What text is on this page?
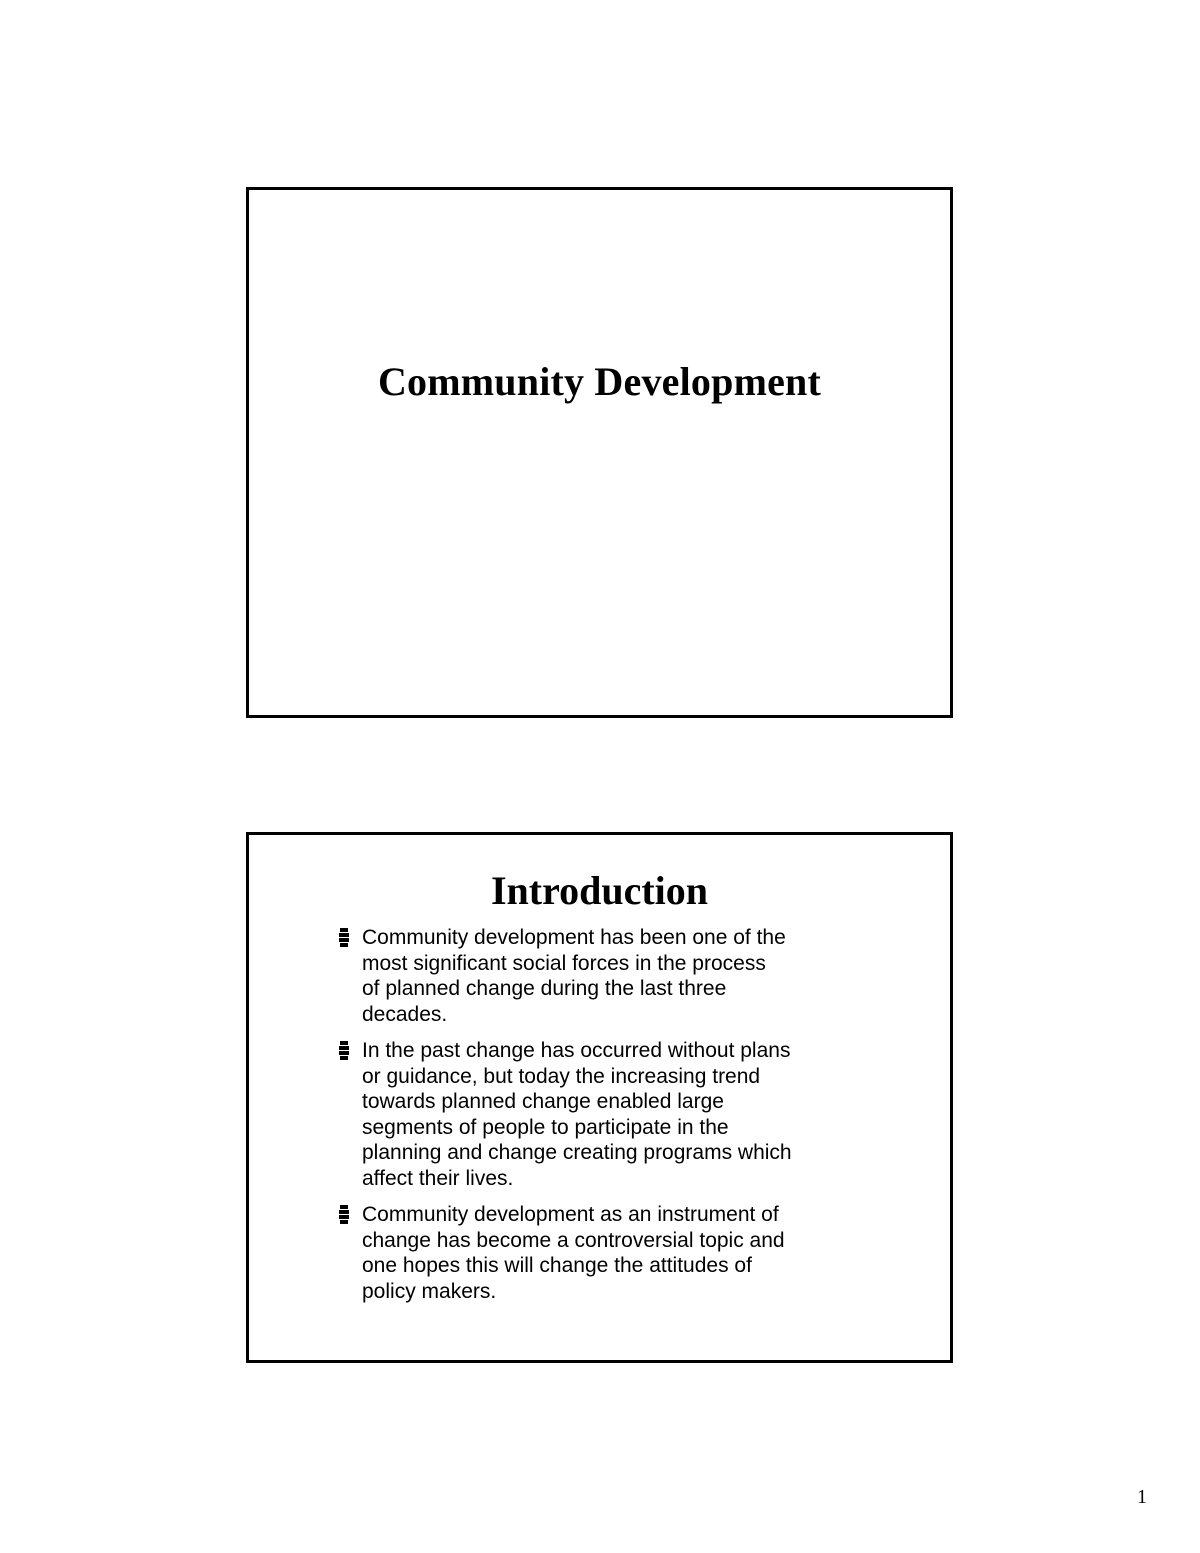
Community Development
Introduction
Community development has been one of the
most significant social forces in the process
of planned change during the last three
decades.
In the past change has occurred without plans
or guidance, but today the increasing trend
towards planned change enabled large
segments of people to participate in the
planning and change creating programs which
affect their lives.
Community development as an instrument of
change has become a controversial topic and
one hopes this will change the attitudes of
policy makers.
1
